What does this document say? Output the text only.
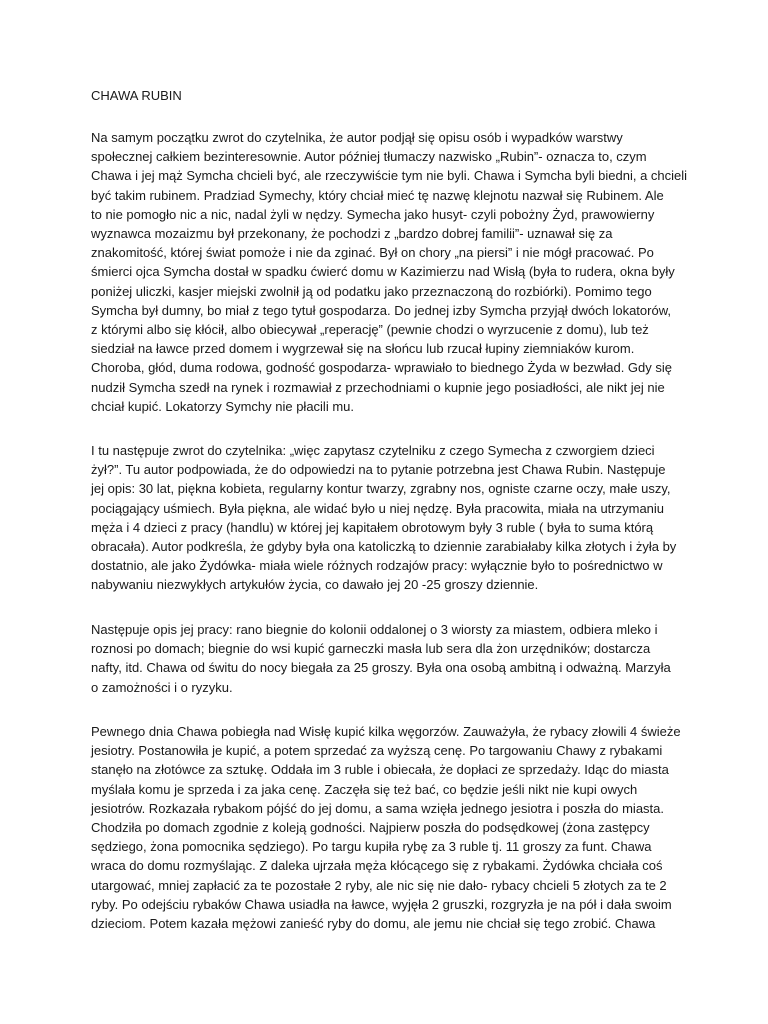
CHAWA RUBIN

Na samym początku zwrot do czytelnika, że autor podjął się opisu osób i wypadków warstwy
społecznej całkiem bezinteresownie. Autor później tłumaczy nazwisko „Rubin”- oznacza to, czym
Chawa i jej mąż Symcha chcieli być, ale rzeczywiście tym nie byli. Chawa i Symcha byli biedni, a chcieli
być takim rubinem. Pradziad Symechy, który chciał mieć tę nazwę klejnotu nazwał się Rubinem. Ale
to nie pomogło nic a nic, nadal żyli w nędzy. Symecha jako husyt- czyli pobożny Żyd, prawowierny
wyznawca mozaizmu był przekonany, że pochodzi z „bardzo dobrej familii”- uznawał się za
znakomitość, której świat pomoże i nie da zginać. Był on chory „na piersi” i nie mógł pracować. Po
śmierci ojca Symcha dostał w spadku ćwierć domu w Kazimierzu nad Wisłą (była to rudera, okna były
poniżej uliczki, kasjer miejski zwolnił ją od podatku jako przeznaczoną do rozbiórki). Pomimo tego
Symcha był dumny, bo miał z tego tytuł gospodarza. Do jednej izby Symcha przyjął dwóch lokatorów,
z którymi albo się kłócił, albo obiecywał „reperację” (pewnie chodzi o wyrzucenie z domu), lub też
siedział na ławce przed domem i wygrzewał się na słońcu lub rzucał łupiny ziemniaków kurom.
Choroba, głód, duma rodowa, godność gospodarza- wprawiało to biednego Żyda w bezwład. Gdy się
nudził Symcha szedł na rynek i rozmawiał z przechodniami o kupnie jego posiadłości, ale nikt jej nie
chciał kupić. Lokatorzy Symchy nie płacili mu.

I tu następuje zwrot do czytelnika: „więc zapytasz czytelniku z czego Symecha z czworgiem dzieci
żył?”. Tu autor podpowiada, że do odpowiedzi na to pytanie potrzebna jest Chawa Rubin. Następuje
jej opis: 30 lat, piękna kobieta, regularny kontur twarzy, zgrabny nos, ogniste czarne oczy, małe uszy,
pociągający uśmiech. Była piękna, ale widać było u niej nędzę. Była pracowita, miała na utrzymaniu
męża i 4 dzieci z pracy (handlu) w której jej kapitałem obrotowym były 3 ruble ( była to suma którą
obracała). Autor podkreśla, że gdyby była ona katoliczką to dziennie zarabiałaby kilka złotych i żyła by
dostatnio, ale jako Żydówka- miała wiele różnych rodzajów pracy: wyłącznie było to pośrednictwo w
nabywaniu niezwykłych artykułów życia, co dawało jej 20 -25 groszy dziennie.

Następuje opis jej pracy: rano biegnie do kolonii oddalonej o 3 wiorsty za miastem, odbiera mleko i
roznosi po domach; biegnie do wsi kupić garneczki masła lub sera dla żon urzędników; dostarcza
nafty, itd. Chawa od świtu do nocy biegała za 25 groszy. Była ona osobą ambitną i odważną. Marzyła
o zamożności i o ryzyku.

Pewnego dnia Chawa pobiegła nad Wisłę kupić kilka węgorzów. Zauważyła, że rybacy złowili 4 świeże
jesiotry. Postanowiła je kupić, a potem sprzedać za wyższą cenę. Po targowaniu Chawy z rybakami
stanęło na złotówce za sztukę. Oddała im 3 ruble i obiecała, że dopłaci ze sprzedaży. Idąc do miasta
myślała komu je sprzeda i za jaka cenę. Zaczęła się też bać, co będzie jeśli nikt nie kupi owych
jesiotrów. Rozkazała rybakom pójść do jej domu, a sama wzięła jednego jesiotra i poszła do miasta.
Chodziła po domach zgodnie z koleją godności. Najpierw poszła do podsędkowej (żona zastępcy
sędziego, żona pomocnika sędziego). Po targu kupiła rybę za 3 ruble tj. 11 groszy za funt. Chawa
wraca do domu rozmyślając. Z daleka ujrzała męża kłócącego się z rybakami. Żydówka chciała coś
utargować, mniej zapłacić za te pozostałe 2 ryby, ale nic się nie dało- rybacy chcieli 5 złotych za te 2
ryby. Po odejściu rybaków Chawa usiadła na ławce, wyjęła 2 gruszki, rozgryzła je na pół i dała swoim
dzieciom. Potem kazała mężowi zanieść ryby do domu, ale jemu nie chciał się tego zrobić. Chawa
